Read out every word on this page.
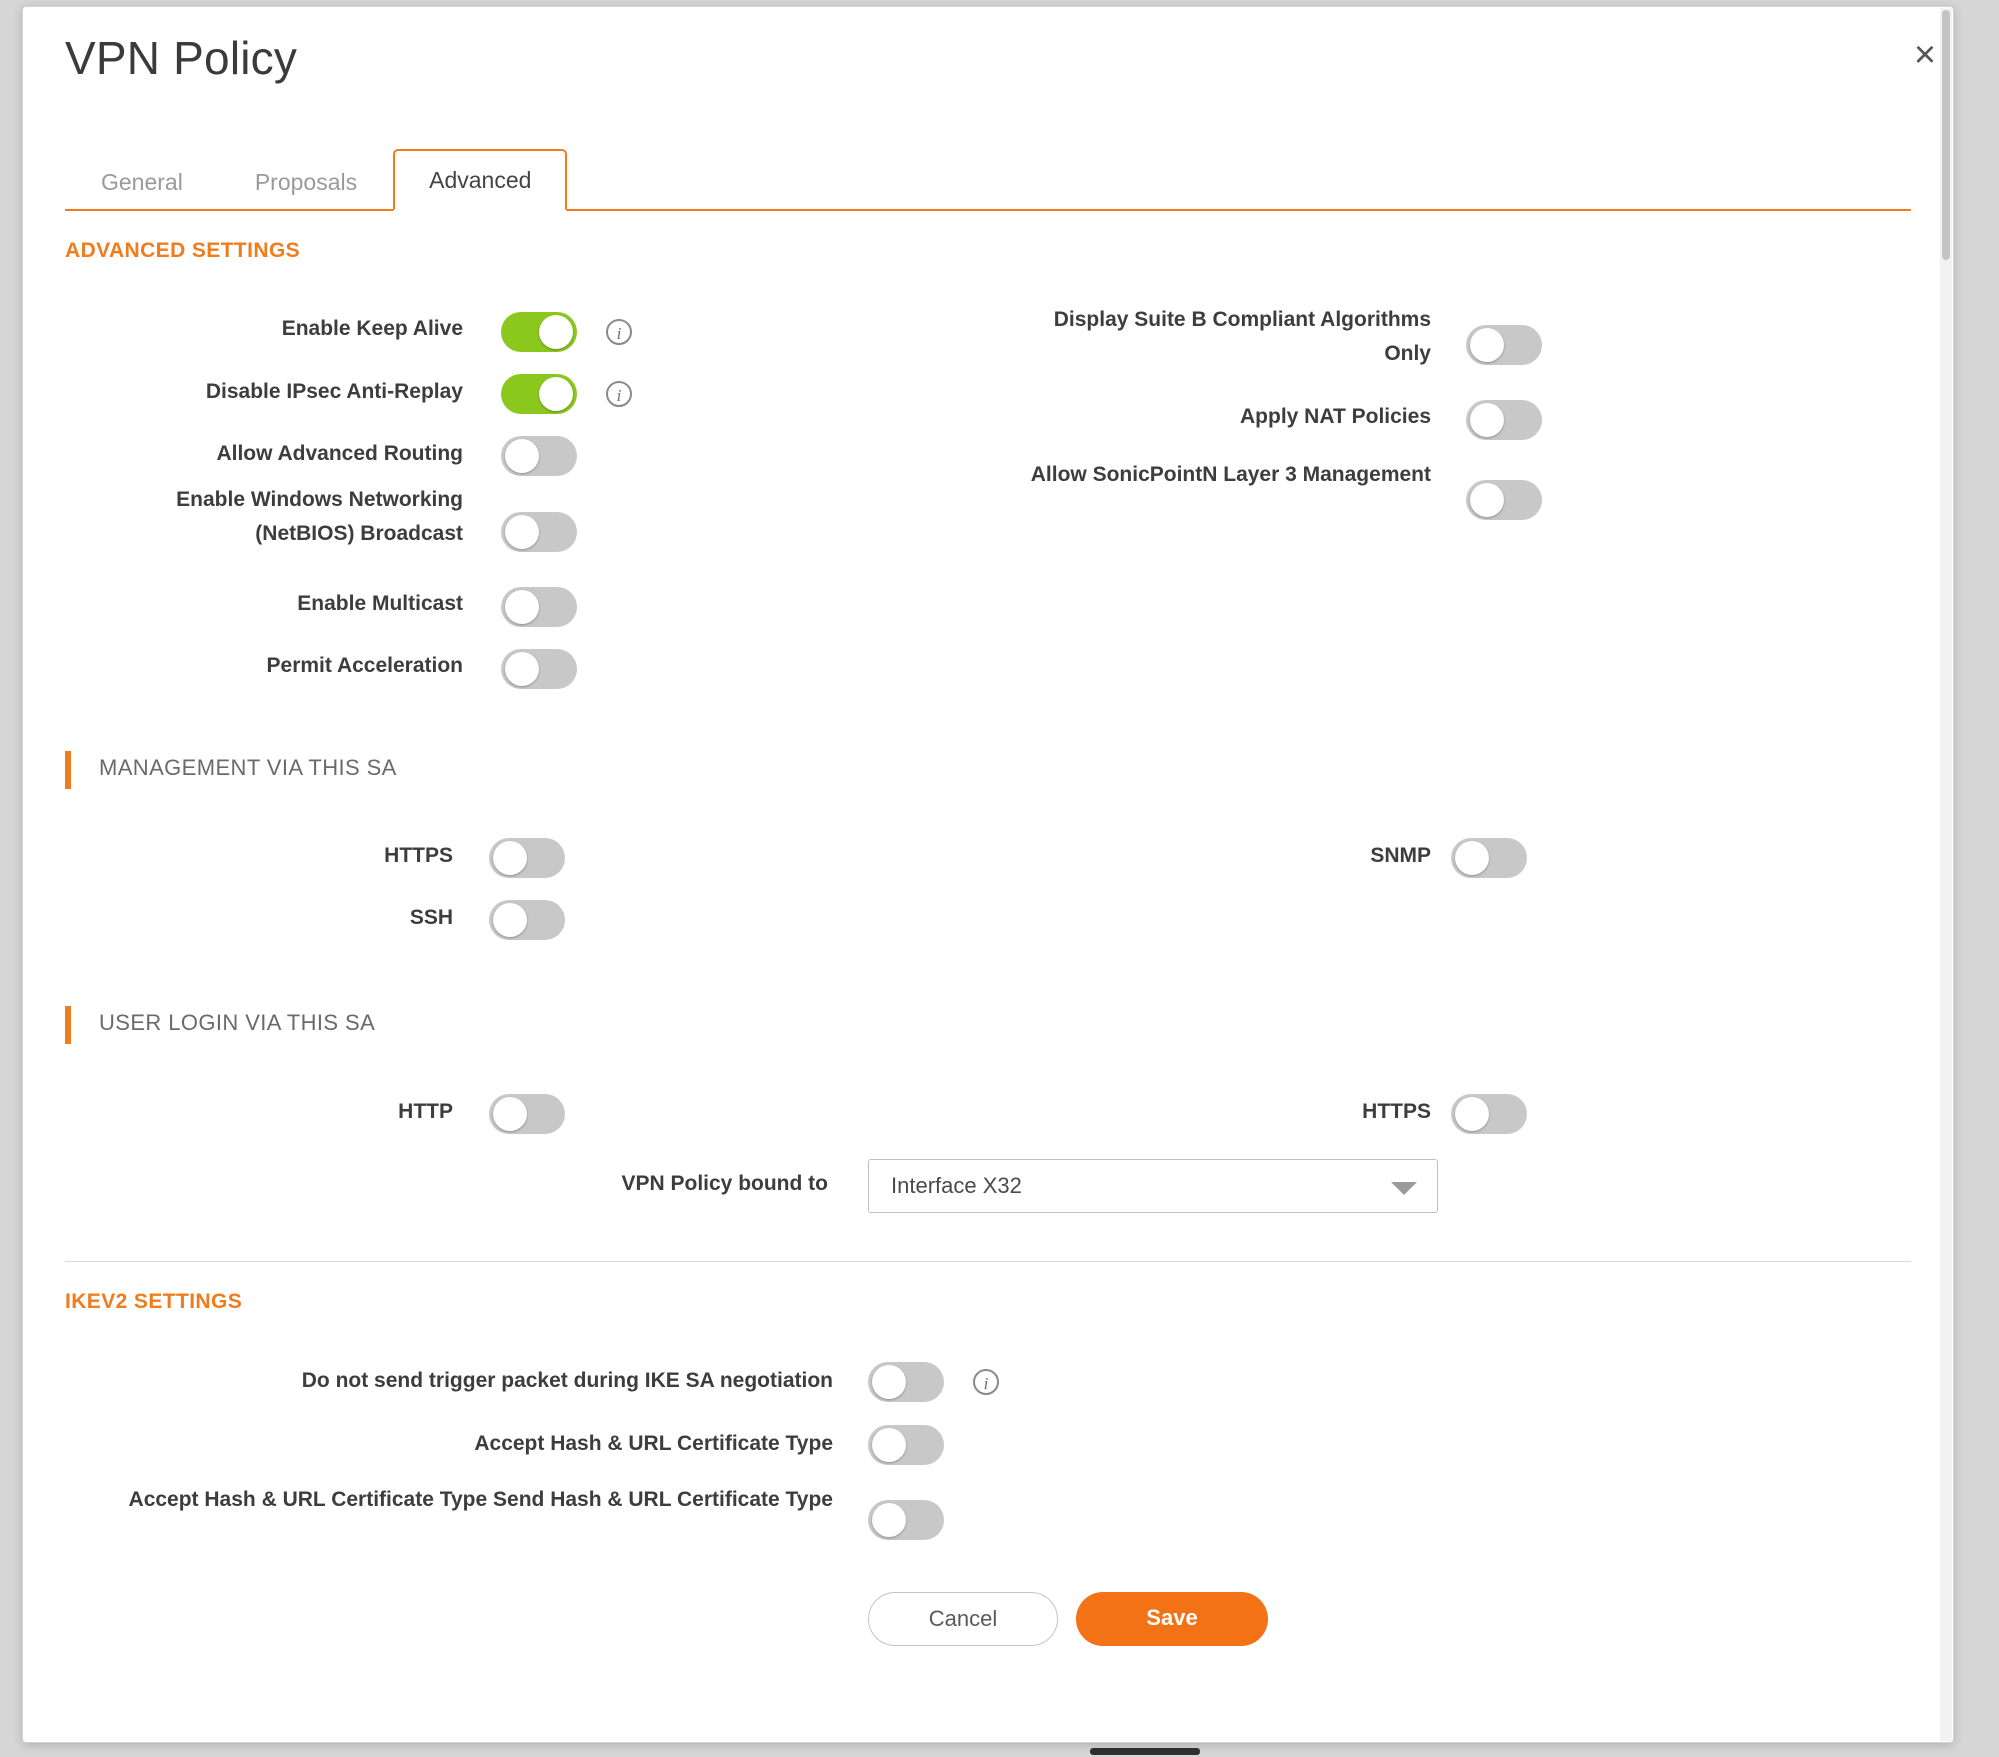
VPN Policy	×
General	Proposals	Advanced
ADVANCED SETTINGS
Enable Keep Alive	i
Disable IPsec Anti-Replay	i
Allow Advanced Routing
Enable Windows Networking (NetBIOS) Broadcast
Enable Multicast
Permit Acceleration
Display Suite B Compliant Algorithms Only
Apply NAT Policies
Allow SonicPointN Layer 3 Management
MANAGEMENT VIA THIS SA
HTTPS
SSH
SNMP
USER LOGIN VIA THIS SA
HTTP	HTTPS
VPN Policy bound to	Interface X32
IKEV2 SETTINGS
Do not send trigger packet during IKE SA negotiation	i
Accept Hash & URL Certificate Type
Accept Hash & URL Certificate Type Send Hash & URL Certificate Type
Cancel	Save
